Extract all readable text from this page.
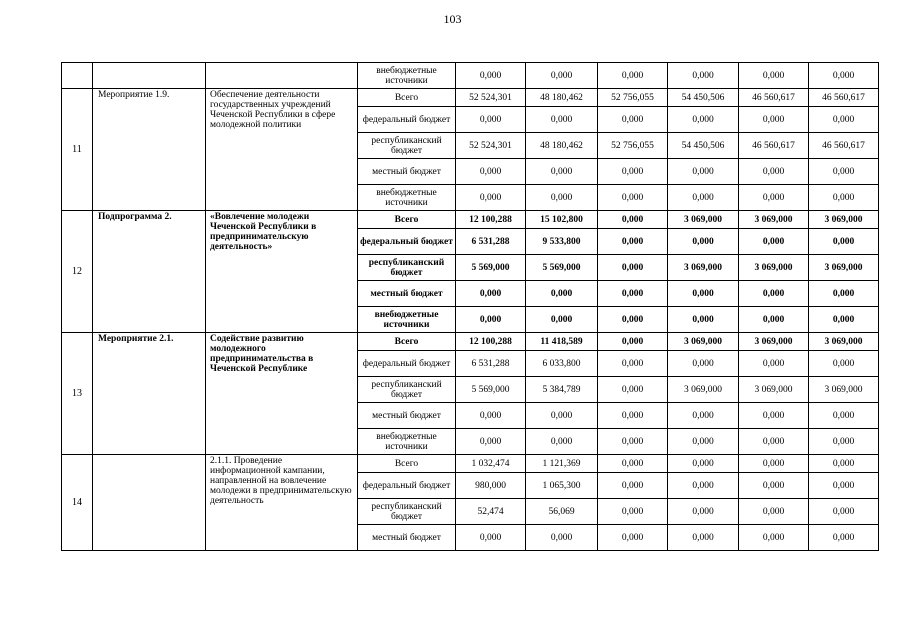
103
			внебюджетные источники	0,000	0,000	0,000	0,000	0,000	0,000
11	Мероприятие 1.9.	Обеспечение деятельности государственных учреждений Чеченской Республики в сфере молодежной политики	Всего	52 524,301	48 180,462	52 756,055	54 450,506	46 560,617	46 560,617
			федеральный бюджет	0,000	0,000	0,000	0,000	0,000	0,000
			республиканский бюджет	52 524,301	48 180,462	52 756,055	54 450,506	46 560,617	46 560,617
			местный бюджет	0,000	0,000	0,000	0,000	0,000	0,000
			внебюджетные источники	0,000	0,000	0,000	0,000	0,000	0,000
12	Подпрограмма 2.	«Вовлечение молодежи Чеченской Республики в предпринимательскую деятельность»	Всего	12 100,288	15 102,800	0,000	3 069,000	3 069,000	3 069,000
			федеральный бюджет	6 531,288	9 533,800	0,000	0,000	0,000	0,000
			республиканский бюджет	5 569,000	5 569,000	0,000	3 069,000	3 069,000	3 069,000
			местный бюджет	0,000	0,000	0,000	0,000	0,000	0,000
			внебюджетные источники	0,000	0,000	0,000	0,000	0,000	0,000
13	Мероприятие 2.1.	Содействие развитию молодежного предпринимательства в Чеченской Республике	Всего	12 100,288	11 418,589	0,000	3 069,000	3 069,000	3 069,000
			федеральный бюджет	6 531,288	6 033,800	0,000	0,000	0,000	0,000
			республиканский бюджет	5 569,000	5 384,789	0,000	3 069,000	3 069,000	3 069,000
			местный бюджет	0,000	0,000	0,000	0,000	0,000	0,000
			внебюджетные источники	0,000	0,000	0,000	0,000	0,000	0,000
14		2.1.1. Проведение информационной кампании, направленной на вовлечение молодежи в предпринимательскую деятельность	Всего	1 032,474	1 121,369	0,000	0,000	0,000	0,000
			федеральный бюджет	980,000	1 065,300	0,000	0,000	0,000	0,000
			республиканский бюджет	52,474	56,069	0,000	0,000	0,000	0,000
			местный бюджет	0,000	0,000	0,000	0,000	0,000	0,000
